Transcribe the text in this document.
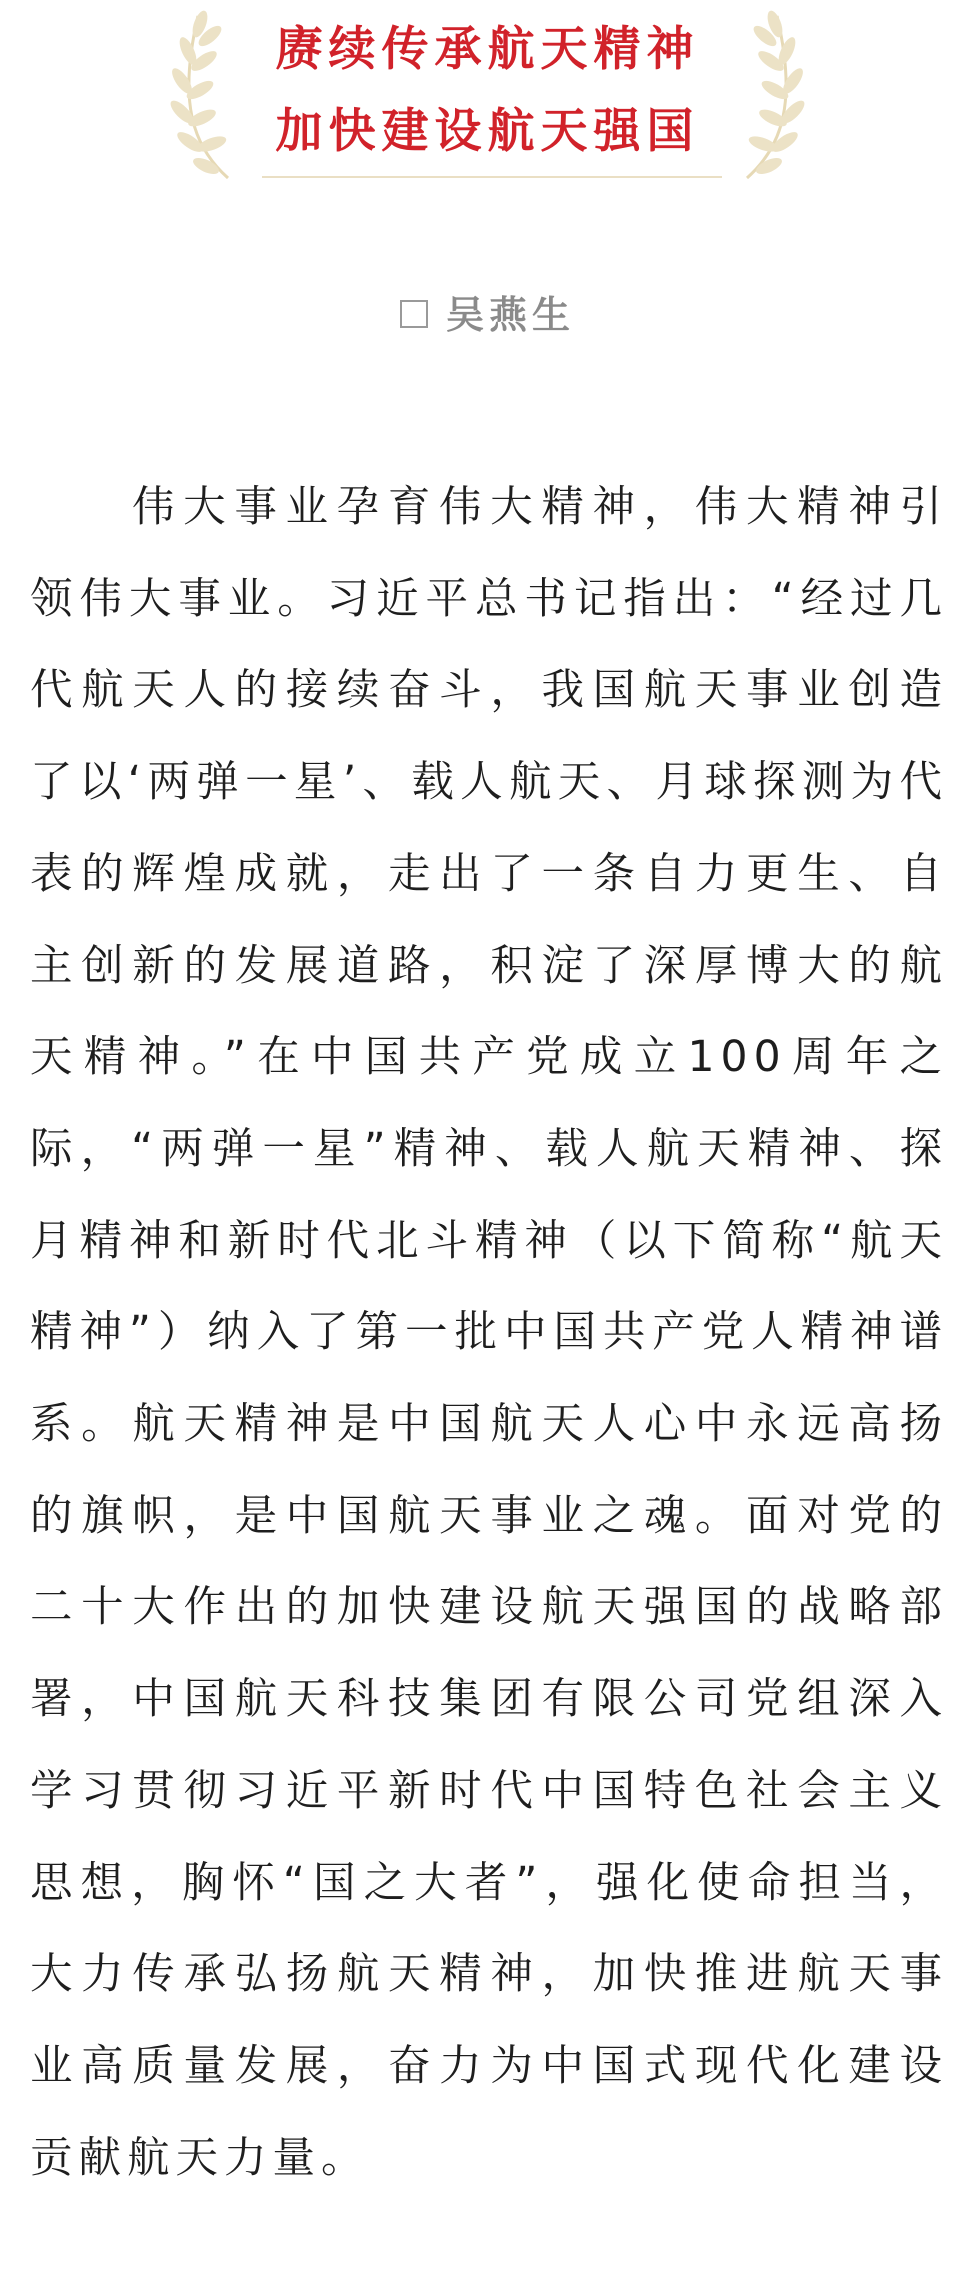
赓续传承航天精神
加快建设航天强国
吴燕生

伟大事业孕育伟大精神，伟大精神引领伟大事业。习近平总书记指出：“经过几代航天人的接续奋斗，我国航天事业创造了以‘两弹一星’、载人航天、月球探测为代表的辉煌成就，走出了一条自力更生、自主创新的发展道路，积淀了深厚博大的航天精神。”在中国共产党成立100周年之际，“两弹一星”精神、载人航天精神、探月精神和新时代北斗精神（以下简称“航天精神”）纳入了第一批中国共产党人精神谱系。航天精神是中国航天人心中永远高扬的旗帜，是中国航天事业之魂。面对党的二十大作出的加快建设航天强国的战略部署，中国航天科技集团有限公司党组深入学习贯彻习近平新时代中国特色社会主义思想，胸怀“国之大者”，强化使命担当，大力传承弘扬航天精神，加快推进航天事业高质量发展，奋力为中国式现代化建设贡献航天力量。
